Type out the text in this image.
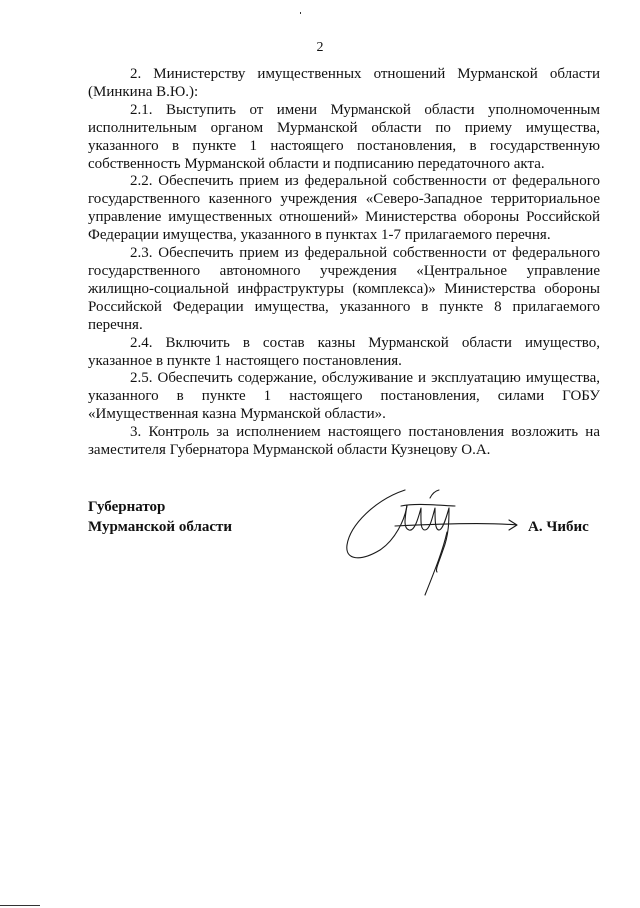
2

2. Министерству имущественных отношений Мурманской области (Минкина В.Ю.):

2.1. Выступить от имени Мурманской области уполномоченным исполнительным органом Мурманской области по приему имущества, указанного в пункте 1 настоящего постановления, в государственную собственность Мурманской области и подписанию передаточного акта.

2.2. Обеспечить прием из федеральной собственности от федерального государственного казенного учреждения «Северо-Западное территориальное управление имущественных отношений» Министерства обороны Российской Федерации имущества, указанного в пунктах 1-7 прилагаемого перечня.

2.3. Обеспечить прием из федеральной собственности от федерального государственного автономного учреждения «Центральное управление жилищно-социальной инфраструктуры (комплекса)» Министерства обороны Российской Федерации имущества, указанного в пункте 8 прилагаемого перечня.

2.4. Включить в состав казны Мурманской области имущество, указанное в пункте 1 настоящего постановления.

2.5. Обеспечить содержание, обслуживание и эксплуатацию имущества, указанного в пункте 1 настоящего постановления, силами ГОБУ «Имущественная казна Мурманской области».

3. Контроль за исполнением настоящего постановления возложить на заместителя Губернатора Мурманской области Кузнецову О.А.

Губернатор
Мурманской области	А. Чибис
